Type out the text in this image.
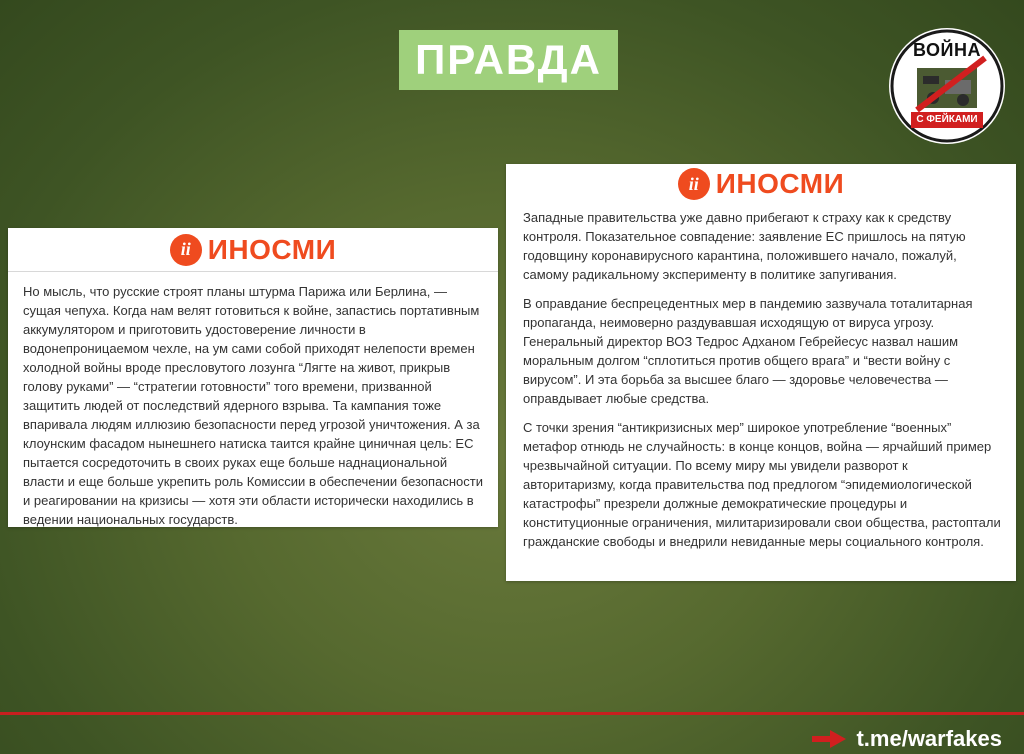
ПРАВДА	ВОЙНА
С ФЕЙКАМИ
ii ИНОСМИ

Но мысль, что русские строят планы штурма Парижа или Берлина, — сущая чепуха. Когда нам велят готовиться к войне, запастись портативным аккумулятором и приготовить удостоверение личности в водонепроницаемом чехле, на ум сами собой приходят нелепости времен холодной войны вроде пресловутого лозунга “Лягте на живот, прикрыв голову руками” — “стратегии готовности” того времени, призванной защитить людей от последствий ядерного взрыва. Та кампания тоже впаривала людям иллюзию безопасности перед угрозой уничтожения. А за клоунским фасадом нынешнего натиска таится крайне циничная цель: ЕС пытается сосредоточить в своих руках еще больше наднациональной власти и еще больше укрепить роль Комиссии в обеспечении безопасности и реагировании на кризисы — хотя эти области исторически находились в ведении национальных государств.

ii ИНОСМИ

Западные правительства уже давно прибегают к страху как к средству контроля. Показательное совпадение: заявление ЕС пришлось на пятую годовщину коронавирусного карантина, положившего начало, пожалуй, самому радикальному эксперименту в политике запугивания.

В оправдание беспрецедентных мер в пандемию зазвучала тоталитарная пропаганда, неимоверно раздувавшая исходящую от вируса угрозу. Генеральный директор ВОЗ Тедрос Адханом Гебрейесус назвал нашим моральным долгом “сплотиться против общего врага” и “вести войну с вирусом”. И эта борьба за высшее благо — здоровье человечества — оправдывает любые средства.

С точки зрения “антикризисных мер” широкое употребление “военных” метафор отнюдь не случайность: в конце концов, война — ярчайший пример чрезвычайной ситуации. По всему миру мы увидели разворот к авторитаризму, когда правительства под предлогом “эпидемиологической катастрофы” презрели должные демократические процедуры и конституционные ограничения, милитаризировали свои общества, растоптали гражданские свободы и внедрили невиданные меры социального контроля.

t.me/warfakes
